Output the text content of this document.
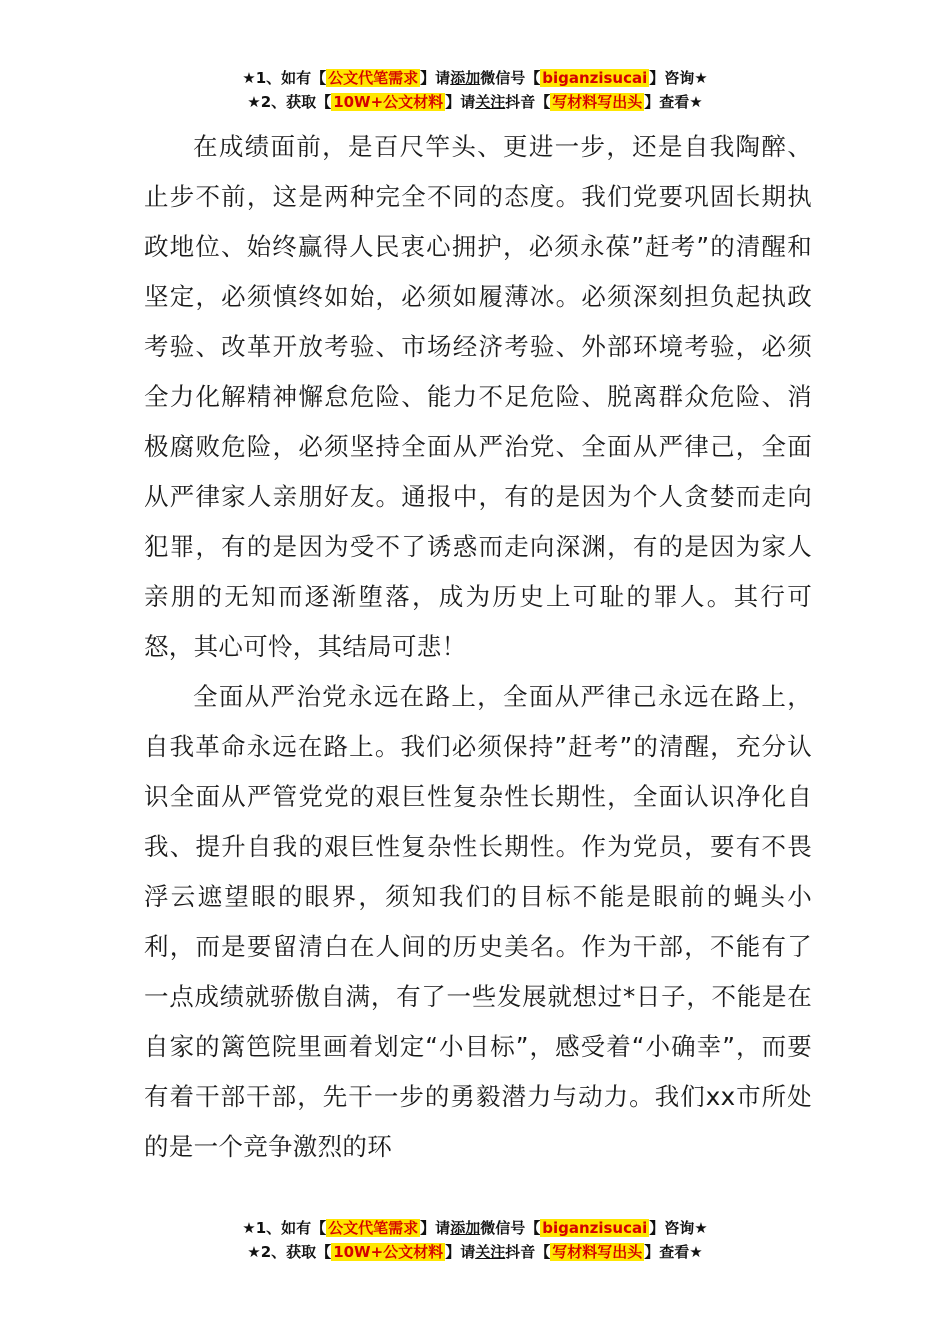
★1、如有【 公文代笔需求 】请添加微信号【 biganzisucai 】咨询★
★2、获取【 10W+公文材料 】请关注抖音【 写材料写出头 】查看★

在成绩面前，是百尺竿头、更进一步，还是自我陶醉、止步不前，这是两种完全不同的态度。我们党要巩固长期执政地位、始终赢得人民衷心拥护，必须永葆”赶考”的清醒和坚定，必须慎终如始，必须如履薄冰。必须深刻担负起执政考验、改革开放考验、市场经济考验、外部环境考验，必须全力化解精神懈怠危险、能力不足危险、脱离群众危险、消极腐败危险，必须坚持全面从严治党、全面从严律己，全面从严律家人亲朋好友。通报中，有的是因为个人贪婪而走向犯罪，有的是因为受不了诱惑而走向深渊，有的是因为家人亲朋的无知而逐渐堕落，成为历史上可耻的罪人。其行可怒，其心可怜，其结局可悲！

全面从严治党永远在路上，全面从严律己永远在路上，自我革命永远在路上。我们必须保持”赶考”的清醒，充分认识全面从严管党党的艰巨性复杂性长期性，全面认识净化自我、提升自我的艰巨性复杂性长期性。作为党员，要有不畏浮云遮望眼的眼界，须知我们的目标不能是眼前的蝇头小利，而是要留清白在人间的历史美名。作为干部，不能有了一点成绩就骄傲自满，有了一些发展就想过*日子，不能是在自家的篱笆院里画着划定“小目标”，感受着“小确幸”，而要有着干部干部，先干一步的勇毅潜力与动力。我们xx市所处的是一个竞争激烈的环

★1、如有【 公文代笔需求 】请添加微信号【 biganzisucai 】咨询★
★2、获取【 10W+公文材料 】请关注抖音【 写材料写出头 】查看★
